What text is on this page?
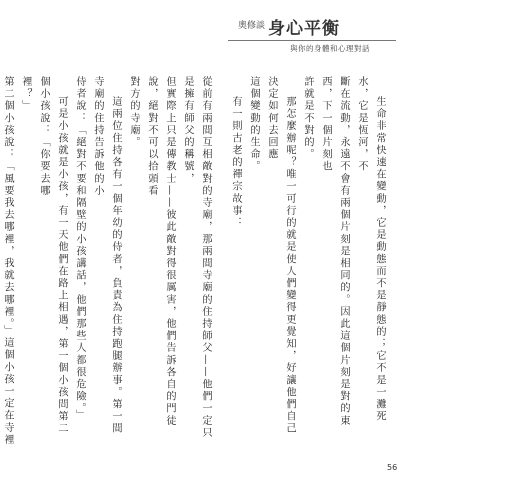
奧修談 身心平衡
與你的身體和心理對話
生命非常快速在變動，它是動態而不是靜態的；它不是一灘死水，它是恆河，不
斷在流動，永遠不會有兩個片刻是相同的。因此這個片刻是對的東西，下一個片刻也
許就是不對的。
那怎麼辦呢？唯一可行的就是使人們變得更覺知，好讓他們自己決定如何去回應
這個變動的生命。
有一則古老的禪宗故事：
從前有兩間互相敵對的寺廟，那兩間寺廟的住持師父——他們一定只是擁有師父的稱號，
但實際上只是傳教士——彼此敵對得很厲害，他們告訴各自的門徒說，絕對不可以拾頭看
對方的寺廟。
這兩位住持各有一個年幼的侍者，負責為住持跑腿辦事。第一間寺廟的住持告訴他的小
侍者說：「絕對不要和隔壁的小孩講話，他們那些人都很危險。」
可是小孩就是小孩，有一天他們在路上相遇，第一個小孩問第二個小孩說：「你要去哪
裡？」
第二個小孩說：「風要我去哪裡，我就去哪裡。」這個小孩一定在寺裡
56
